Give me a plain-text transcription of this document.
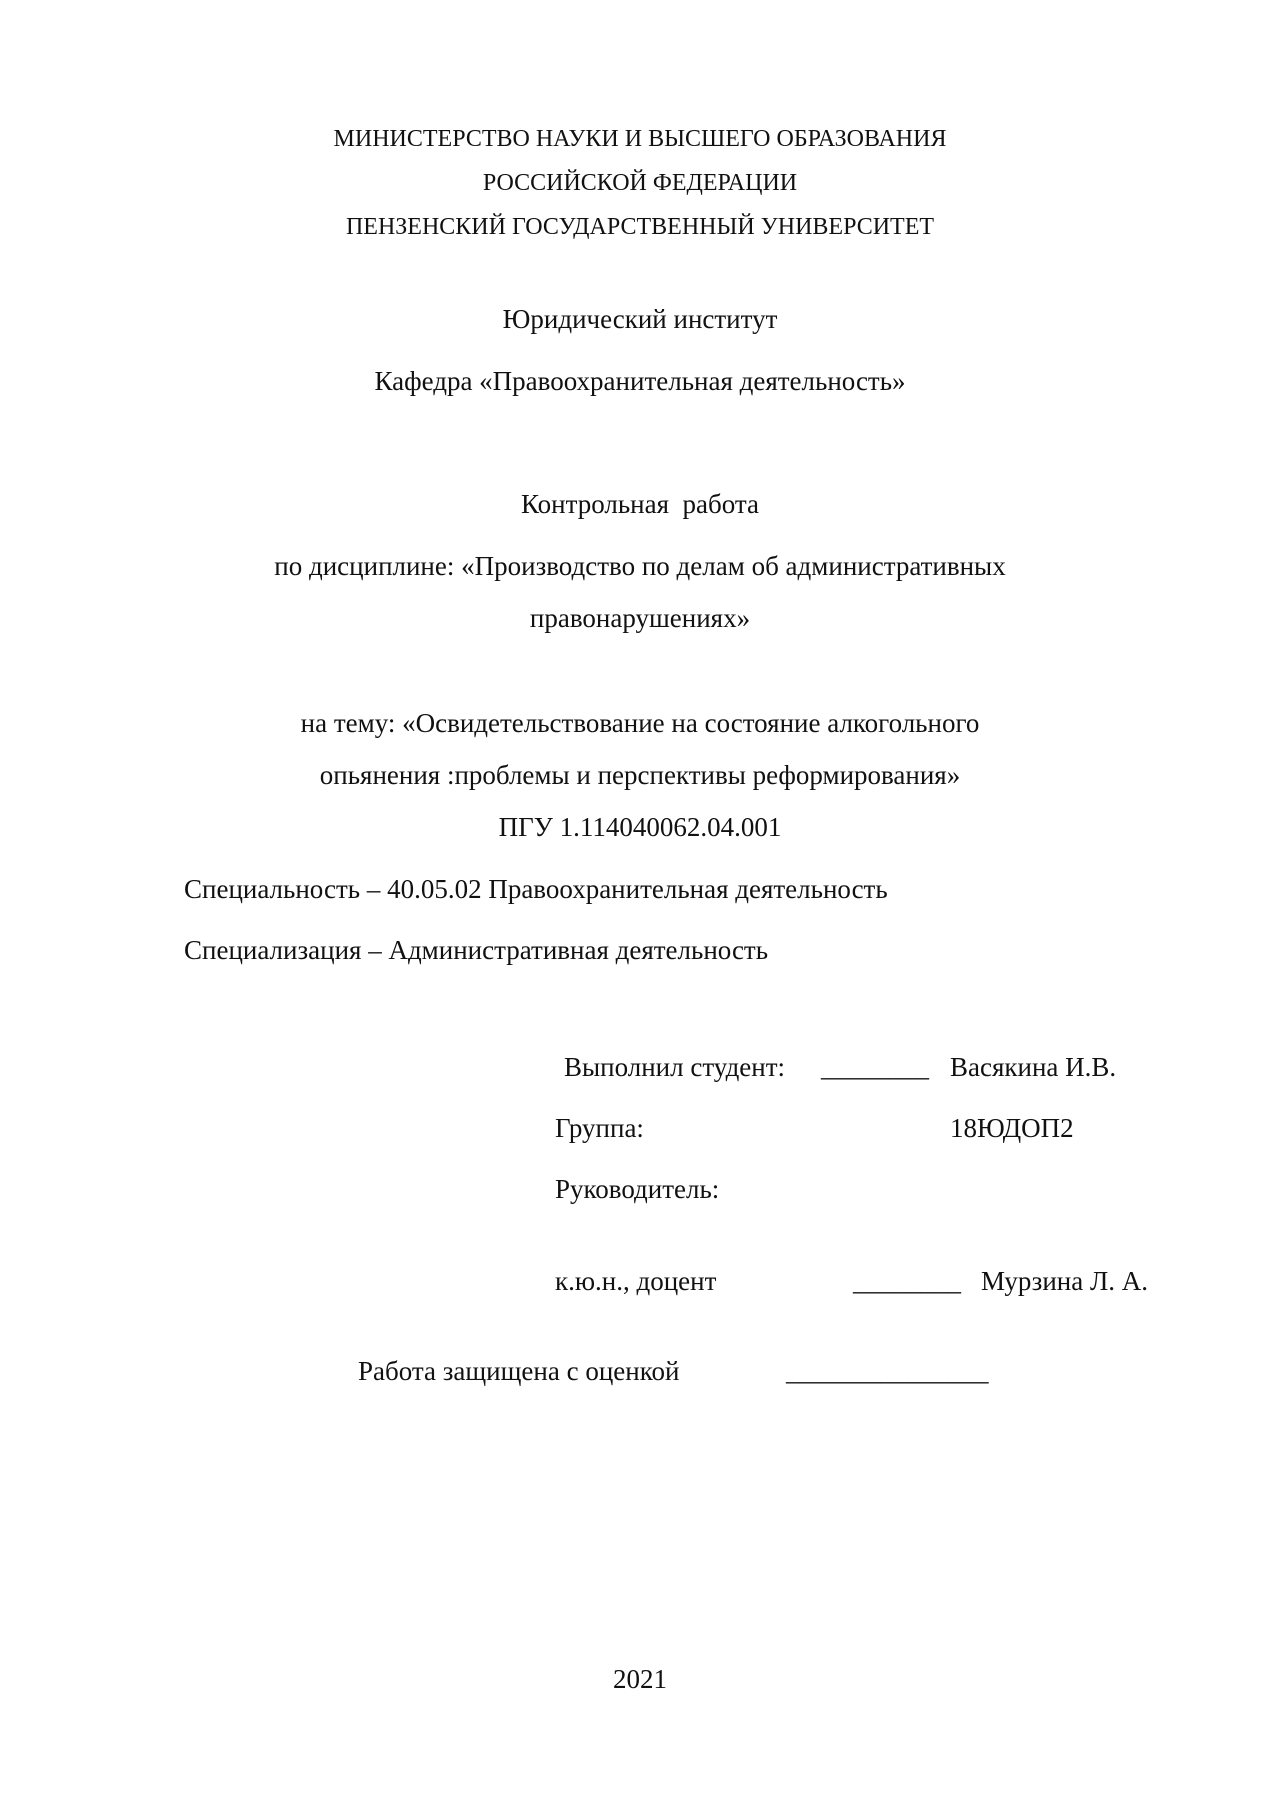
МИНИСТЕРСТВО НАУКИ И ВЫСШЕГО ОБРАЗОВАНИЯ
РОССИЙСКОЙ ФЕДЕРАЦИИ
ПЕНЗЕНСКИЙ ГОСУДАРСТВЕННЫЙ УНИВЕРСИТЕТ
Юридический институт
Кафедра «Правоохранительная деятельность»
Контрольная  работа
по дисциплине: «Производство по делам об административных
правонарушениях»
на тему: «Освидетельствование на состояние алкогольного
опьянения :проблемы и перспективы реформирования»
ПГУ 1.114040062.04.001
Специальность – 40.05.02 Правоохранительная деятельность
Специализация – Административная деятельность
Выполнил студент: ________ Васякина И.В.
Группа:	18ЮДОП2
Руководитель:
к.ю.н., доцент	________ Мурзина Л. А.
Работа защищена с оценкой	_______________
2021
